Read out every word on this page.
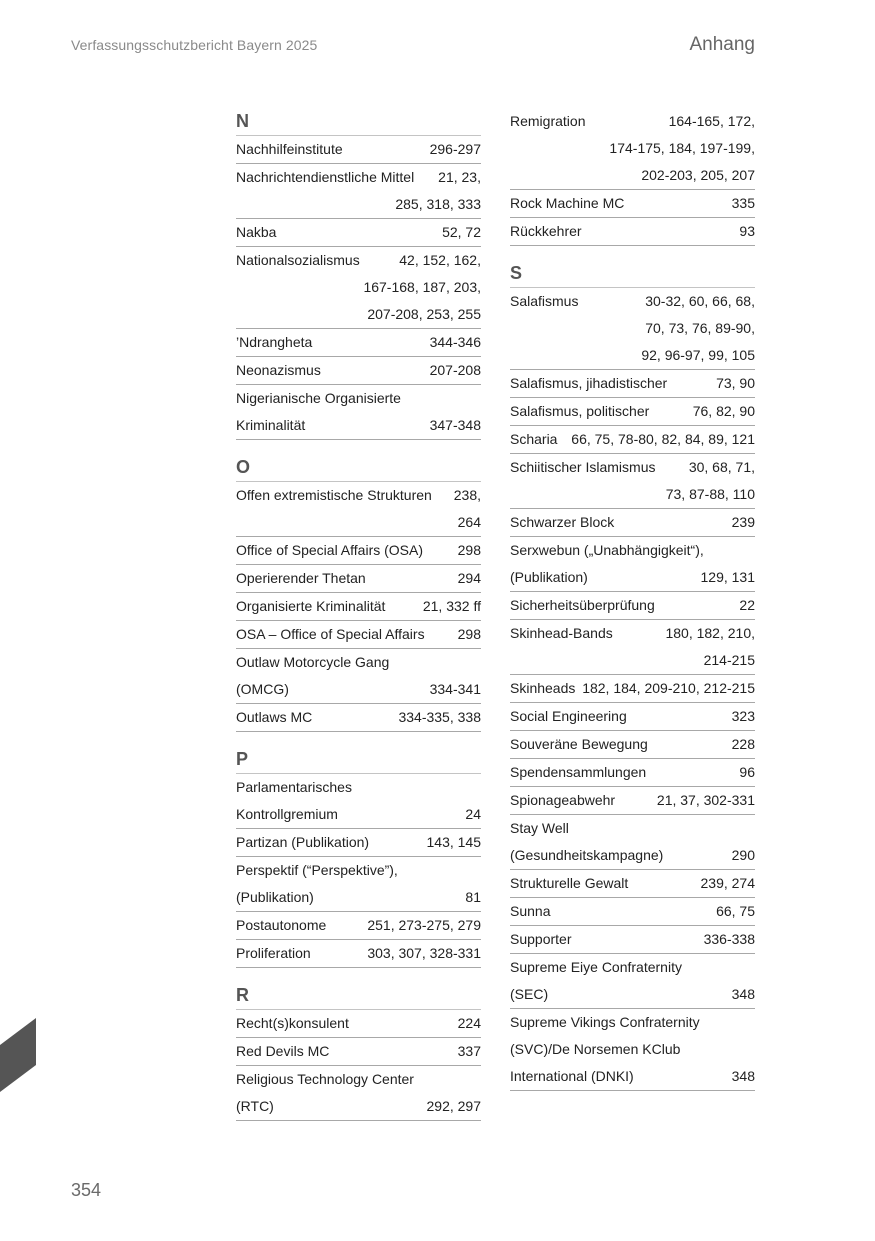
Verfassungsschutzbericht Bayern 2025	Anhang
N
Nachhilfeinstitute	296-297
Nachrichtendienstliche Mittel 21, 23,
285, 318, 333
Nakba	52, 72
Nationalsozialismus	42, 152, 162,
167-168, 187, 203,
207-208, 253, 255
’Ndrangheta	344-346
Neonazismus	207-208
Nigerianische Organisierte
Kriminalität	347-348
O
Offen extremistische Strukturen 238,
264
Office of Special Affairs (OSA) 298
Operierender Thetan	294
Organisierte Kriminalität	21, 332 ff
OSA – Office of Special Affairs 298
Outlaw Motorcycle Gang
(OMCG)	334-341
Outlaws MC	334-335, 338
P
Parlamentarisches
Kontrollgremium	24
Partizan (Publikation)	143, 145
Perspektif (“Perspektive”),
(Publikation)	81
Postautonome	251, 273-275, 279
Proliferation	303, 307, 328-331
R
Recht(s)konsulent	224
Red Devils MC	337
Religious Technology Center
(RTC)	292, 297
Remigration	164-165, 172,
174-175, 184, 197-199,
202-203, 205, 207
Rock Machine MC	335
Rückkehrer	93
S
Salafismus	30-32, 60, 66, 68,
70, 73, 76, 89-90,
92, 96-97, 99, 105
Salafismus, jihadistischer	73, 90
Salafismus, politischer	76, 82, 90
Scharia 66, 75, 78-80, 82, 84, 89, 121
Schiitischer Islamismus 30, 68, 71,
73, 87-88, 110
Schwarzer Block	239
Serxwebun („Unabhängigkeit“),
(Publikation)	129, 131
Sicherheitsüberprüfung	22
Skinhead-Bands	180, 182, 210,
214-215
Skinheads 182, 184, 209-210, 212-215
Social Engineering	323
Souveräne Bewegung	228
Spendensammlungen	96
Spionageabwehr	21, 37, 302-331
Stay Well
(Gesundheitskampagne)	290
Strukturelle Gewalt	239, 274
Sunna	66, 75
Supporter	336-338
Supreme Eiye Confraternity
(SEC)	348
Supreme Vikings Confraternity
(SVC)/De Norsemen KClub
International (DNKI)	348
354
